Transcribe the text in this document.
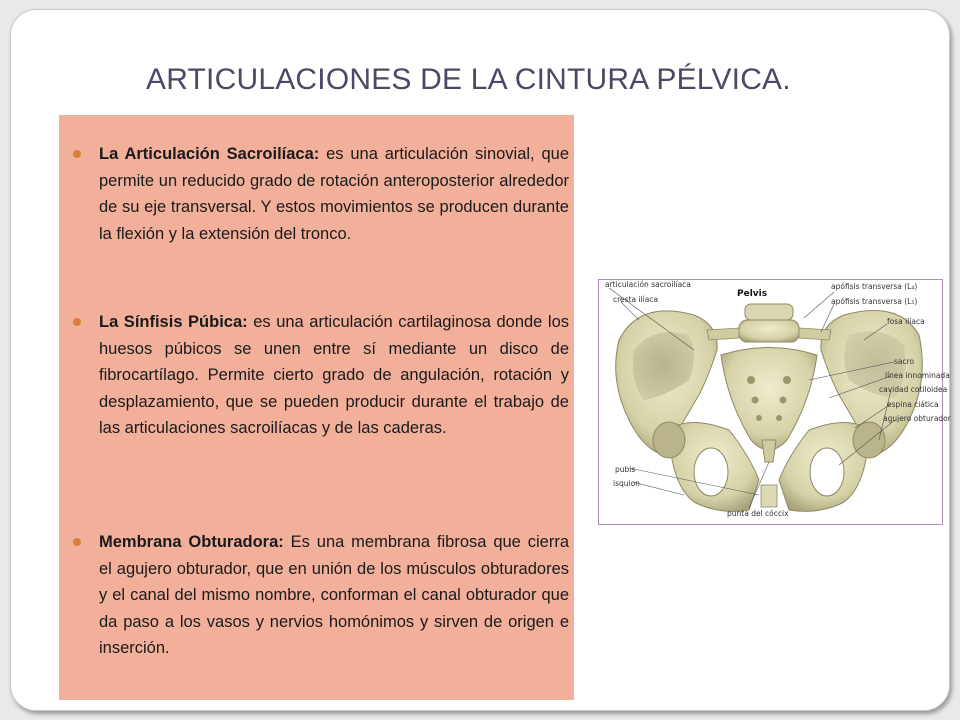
ARTICULACIONES DE LA CINTURA PÉLVICA.
La Articulación Sacroilíaca: es una articulación sinovial, que permite un reducido grado de rotación anteroposterior alrededor de su eje transversal. Y estos movimientos se producen durante la flexión y la extensión del tronco.
La Sínfisis Púbica: es una articulación cartilaginosa donde los huesos púbicos se unen entre sí mediante un disco de fibrocartílago. Permite cierto grado de angulación, rotación y desplazamiento, que se pueden producir durante el trabajo de las articulaciones sacroilíacas y de las caderas.
Membrana Obturadora: Es una membrana fibrosa que cierra el agujero obturador, que en unión de los músculos obturadores y el canal del mismo nombre, conforman el canal obturador que da paso a los vasos y nervios homónimos y sirven de origen e inserción.
articulación sacroilíaca
cresta ilíaca
Pelvis
apófisis transversa (L₄)
apófisis transversa (L₅)
fosa ilíaca
sacro
línea innominada
cavidad cotiloidea
espina ciática
agujero obturador
pubis
isquion
punta del cóccix
